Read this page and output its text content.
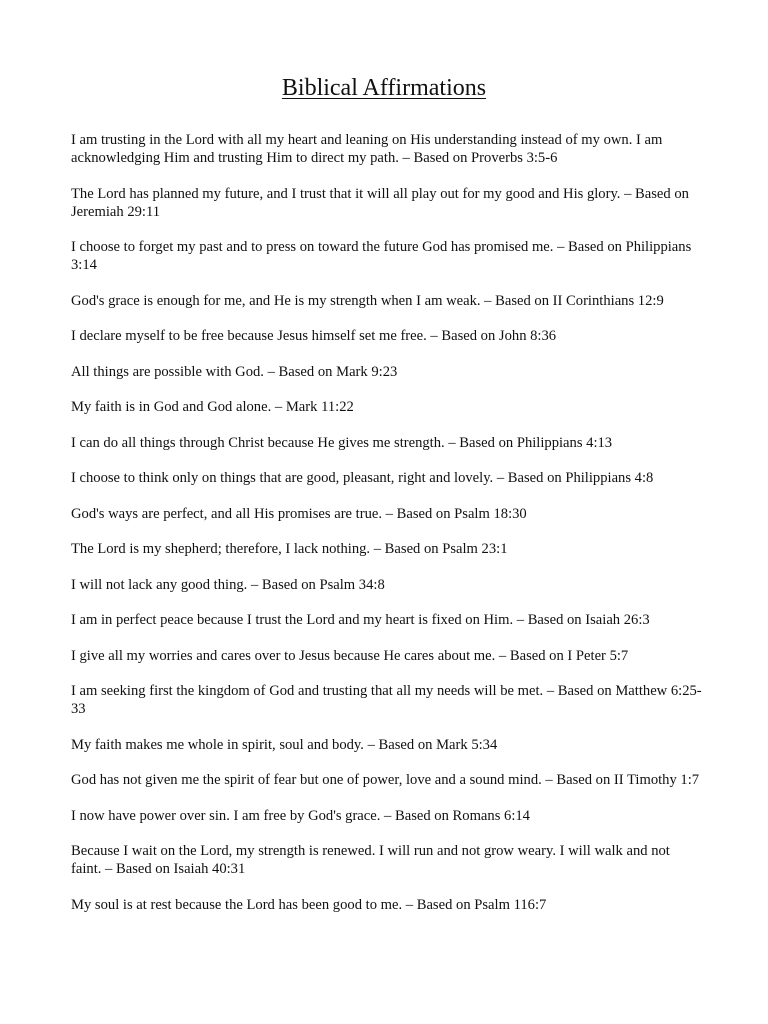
Biblical Affirmations

I am trusting in the Lord with all my heart and leaning on His understanding instead of my own. I am acknowledging Him and trusting Him to direct my path. – Based on Proverbs 3:5-6

The Lord has planned my future, and I trust that it will all play out for my good and His glory. – Based on Jeremiah 29:11

I choose to forget my past and to press on toward the future God has promised me. – Based on Philippians 3:14

God's grace is enough for me, and He is my strength when I am weak. – Based on II Corinthians 12:9

I declare myself to be free because Jesus himself set me free. – Based on John 8:36

All things are possible with God. – Based on Mark 9:23

My faith is in God and God alone. – Mark 11:22

I can do all things through Christ because He gives me strength. – Based on Philippians 4:13

I choose to think only on things that are good, pleasant, right and lovely. – Based on Philippians 4:8

God's ways are perfect, and all His promises are true. – Based on Psalm 18:30

The Lord is my shepherd; therefore, I lack nothing. – Based on Psalm 23:1

I will not lack any good thing. – Based on Psalm 34:8

I am in perfect peace because I trust the Lord and my heart is fixed on Him. – Based on Isaiah 26:3

I give all my worries and cares over to Jesus because He cares about me. – Based on I Peter 5:7

I am seeking first the kingdom of God and trusting that all my needs will be met. – Based on Matthew 6:25-33

My faith makes me whole in spirit, soul and body. – Based on Mark 5:34

God has not given me the spirit of fear but one of power, love and a sound mind. – Based on II Timothy 1:7

I now have power over sin. I am free by God's grace. – Based on Romans 6:14

Because I wait on the Lord, my strength is renewed. I will run and not grow weary. I will walk and not faint. – Based on Isaiah 40:31

My soul is at rest because the Lord has been good to me. – Based on Psalm 116:7
